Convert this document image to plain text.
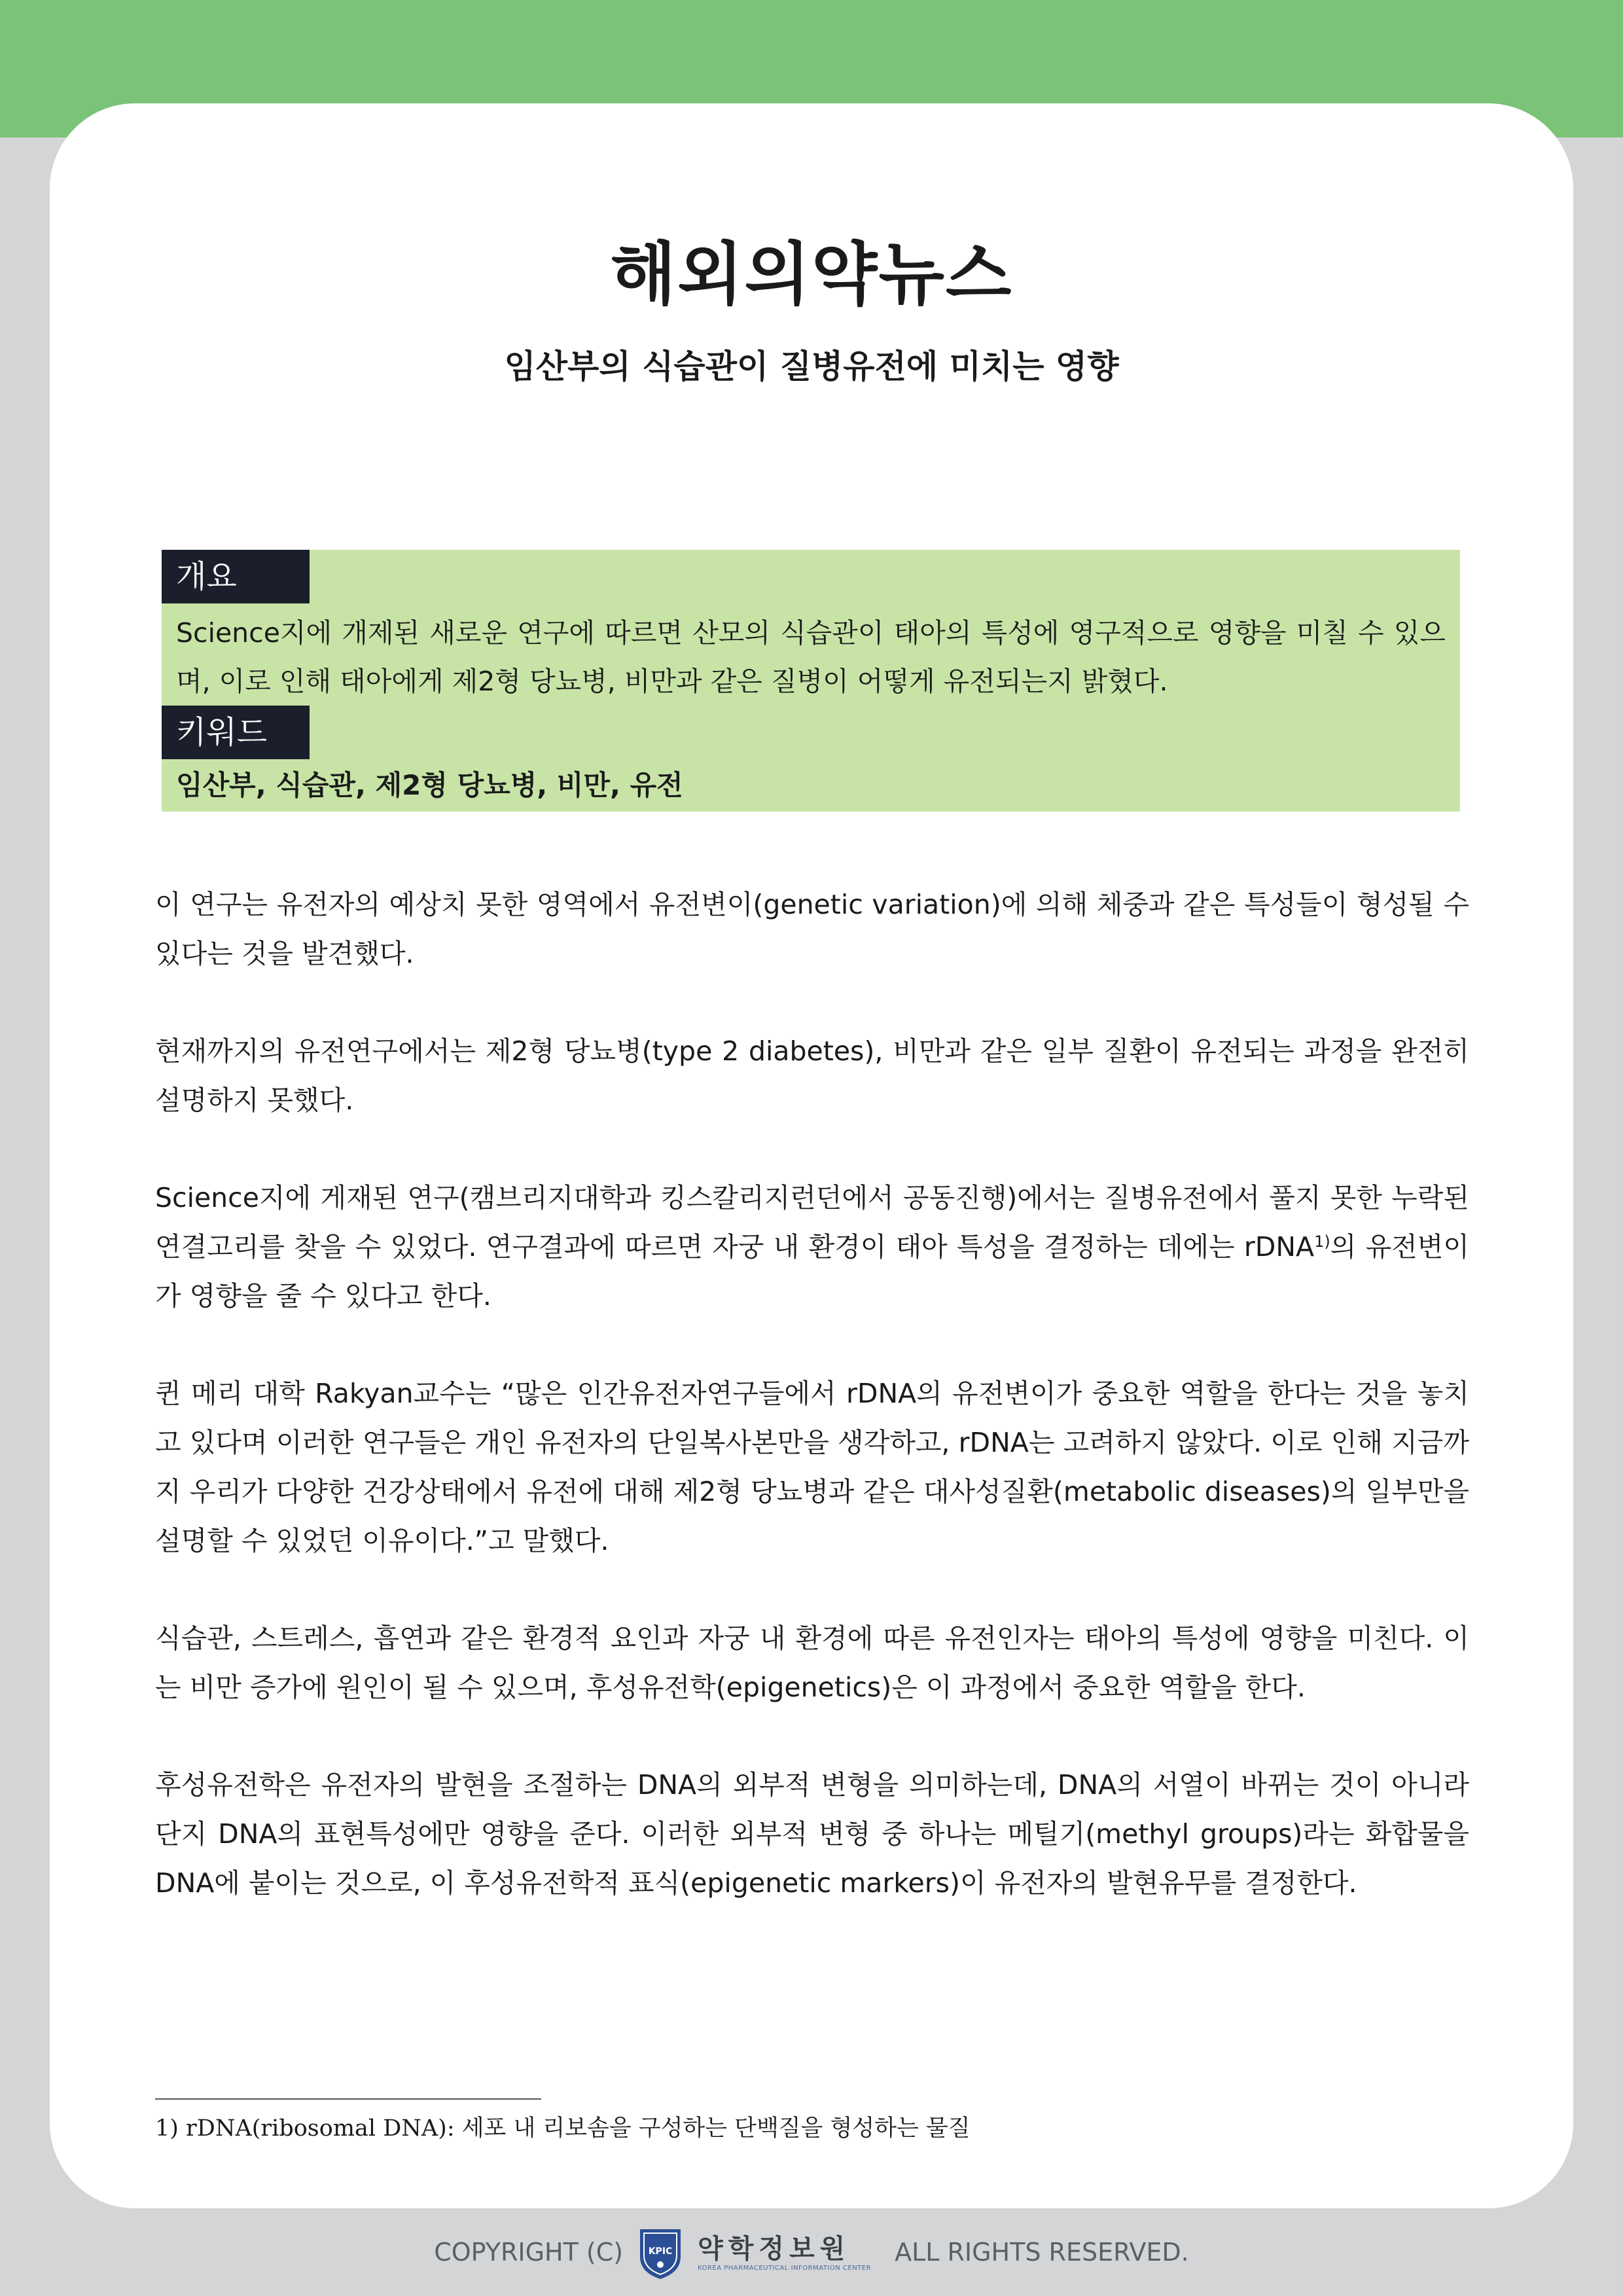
해외의약뉴스
임산부의 식습관이 질병유전에 미치는 영향
개요

Science지에 개제된 새로운 연구에 따르면 산모의 식습관이 태아의 특성에 영구적으로 영향을 미칠 수 있으며, 이로 인해 태아에게 제2형 당뇨병, 비만과 같은 질병이 어떻게 유전되는지 밝혔다.

키워드

임산부, 식습관, 제2형 당뇨병, 비만, 유전

이 연구는 유전자의 예상치 못한 영역에서 유전변이(genetic variation)에 의해 체중과 같은 특성들이 형성될 수 있다는 것을 발견했다.

현재까지의 유전연구에서는 제2형 당뇨병(type 2 diabetes), 비만과 같은 일부 질환이 유전되는 과정을 완전히 설명하지 못했다.

Science지에 게재된 연구(캠브리지대학과 킹스칼리지런던에서 공동진행)에서는 질병유전에서 풀지 못한 누락된 연결고리를 찾을 수 있었다. 연구결과에 따르면 자궁 내 환경이 태아 특성을 결정하는 데에는 rDNA$^{1)}$의 유전변이가 영향을 줄 수 있다고 한다.

퀸 메리 대학 Rakyan교수는 “많은 인간유전자연구들에서 rDNA의 유전변이가 중요한 역할을 한다는 것을 놓치고 있다며 이러한 연구들은 개인 유전자의 단일복사본만을 생각하고, rDNA는 고려하지 않았다. 이로 인해 지금까지 우리가 다양한 건강상태에서 유전에 대해 제2형 당뇨병과 같은 대사성질환(metabolic diseases)의 일부만을 설명할 수 있었던 이유이다.”고 말했다.

식습관, 스트레스, 흡연과 같은 환경적 요인과 자궁 내 환경에 따른 유전인자는 태아의 특성에 영향을 미친다. 이는 비만 증가에 원인이 될 수 있으며, 후성유전학(epigenetics)은 이 과정에서 중요한 역할을 한다.

후성유전학은 유전자의 발현을 조절하는 DNA의 외부적 변형을 의미하는데, DNA의 서열이 바뀌는 것이 아니라 단지 DNA의 표현특성에만 영향을 준다. 이러한 외부적 변형 중 하나는 메틸기(methyl groups)라는 화합물을 DNA에 붙이는 것으로, 이 후성유전학적 표식(epigenetic markers)이 유전자의 발현유무를 결정한다.

1) rDNA(ribosomal DNA): 세포 내 리보솜을 구성하는 단백질을 형성하는 물질

COPYRIGHT (C)	KPIC 약학정보원
KOREA PHARMACEUTICAL INFORMATION CENTER
ALL RIGHTS RESERVED.
